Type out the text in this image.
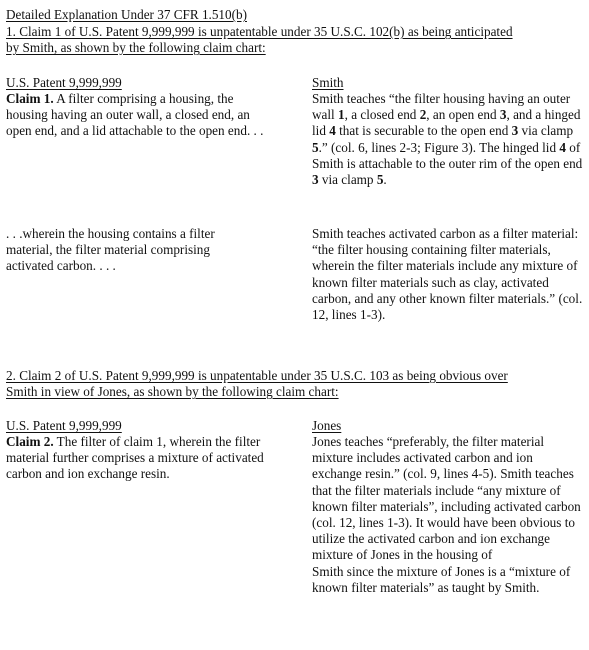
Detailed Explanation Under 37 CFR 1.510(b)

1. Claim 1 of U.S. Patent 9,999,999 is unpatentable under 35 U.S.C. 102(b) as being anticipated

by Smith, as shown by the following claim chart:

U.S. Patent 9,999,999	Smith

Claim 1. A filter comprising a housing, the housing having an outer wall, a closed end, an open end, and a lid attachable to the open end. . .

Smith teaches “the filter housing having an outer wall 1, a closed end 2, an open end 3, and a hinged lid 4 that is securable to the open end 3 via clamp 5.” (col. 6, lines 2-3; Figure 3). The hinged lid 4 of Smith is attachable to the outer rim of the open end 3 via clamp 5.

. . .wherein the housing contains a filter material, the filter material comprising activated carbon. . . .

Smith teaches activated carbon as a filter material: “the filter housing containing filter materials, wherein the filter materials include any mixture of known filter materials such as clay, activated carbon, and any other known filter materials.” (col. 12, lines 1-3).

2. Claim 2 of U.S. Patent 9,999,999 is unpatentable under 35 U.S.C. 103 as being obvious over

Smith in view of Jones, as shown by the following claim chart:

U.S. Patent 9,999,999	Jones

Claim 2. The filter of claim 1, wherein the filter material further comprises a mixture of activated carbon and ion exchange resin.

Jones teaches “preferably, the filter material mixture includes activated carbon and ion exchange resin.” (col. 9, lines 4-5). Smith teaches that the filter materials include “any mixture of known filter materials”, including activated carbon (col. 12, lines 1-3). It would have been obvious to utilize the activated carbon and ion exchange mixture of Jones in the housing of
Smith since the mixture of Jones is a “mixture of known filter materials” as taught by Smith.
